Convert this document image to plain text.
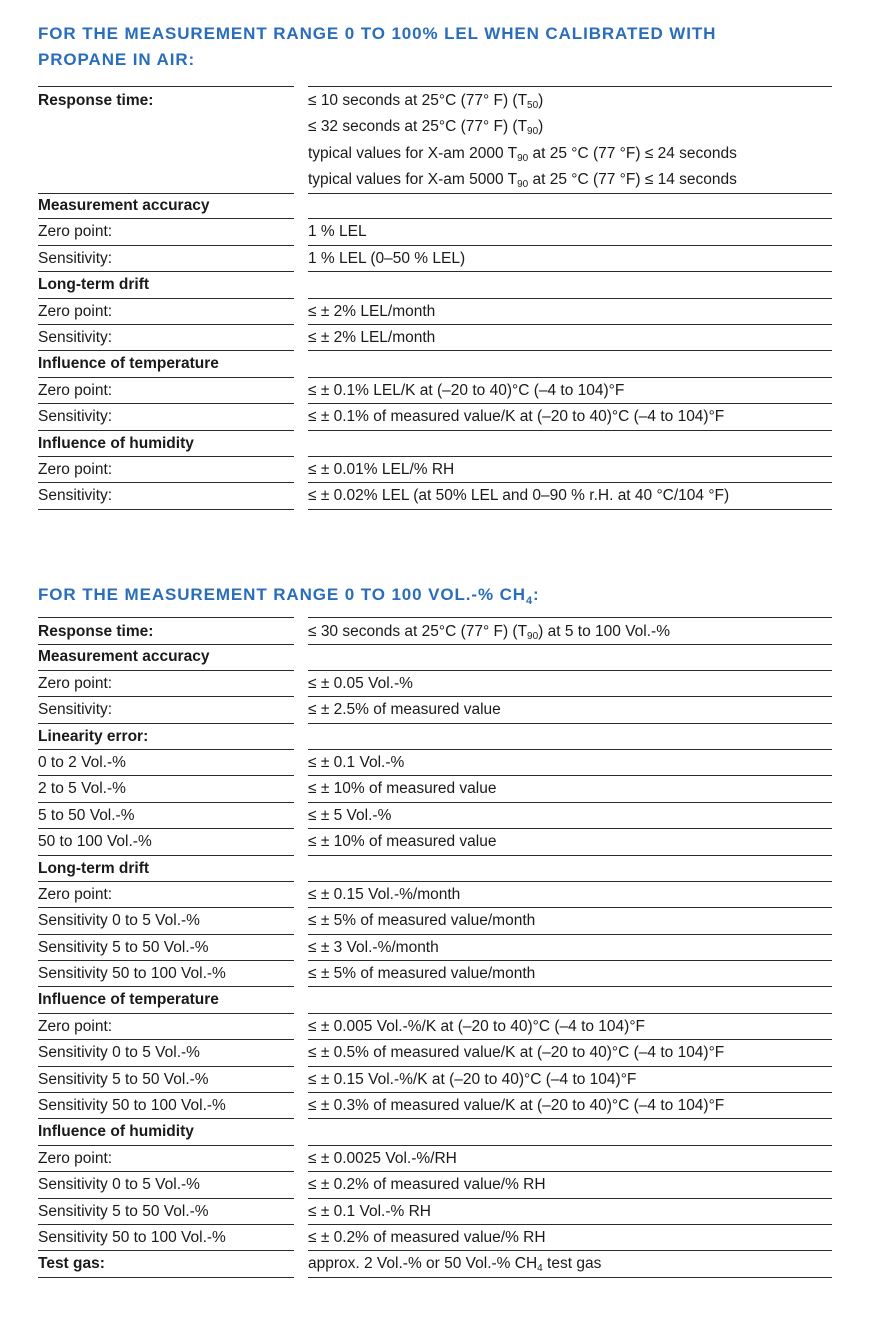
FOR THE MEASUREMENT RANGE 0 TO 100% LEL WHEN CALIBRATED WITH
PROPANE IN AIR:
Response time:	≤ 10 seconds at 25°C (77° F) $(T_{50})$
≤ 32 seconds at 25°C (77° F) $(T_{90})$
typical values for X-am 2000 $T_{90}$ at 25 °C (77 °F) ≤ 24 seconds
typical values for X-am 5000 $T_{90}$ at 25 °C (77 °F) ≤ 14 seconds
Measurement accuracy
Zero point:	1 % LEL
Sensitivity:	1 % LEL (0–50 % LEL)
Long-term drift
Zero point:	≤ ± 2% LEL/month
Sensitivity:	≤ ± 2% LEL/month
Influence of temperature
Zero point:	≤ ± 0.1% LEL/K at (–20 to 40)°C (–4 to 104)°F
Sensitivity:	≤ ± 0.1% of measured value/K at (–20 to 40)°C (–4 to 104)°F
Influence of humidity
Zero point:	≤ ± 0.01% LEL/% RH
Sensitivity:	≤ ± 0.02% LEL (at 50% LEL and 0–90 % r.H. at 40 °C/104 °F)
FOR THE MEASUREMENT RANGE 0 TO 100 VOL.-% $CH_4$:
Response time:	≤ 30 seconds at 25°C (77° F) $(T_{90})$ at 5 to 100 Vol.-%
Measurement accuracy
Zero point:	≤ ± 0.05 Vol.-%
Sensitivity:	≤ ± 2.5% of measured value
Linearity error:
0 to 2 Vol.-%	≤ ± 0.1 Vol.-%
2 to 5 Vol.-%	≤ ± 10% of measured value
5 to 50 Vol.-%	≤ ± 5 Vol.-%
50 to 100 Vol.-%	≤ ± 10% of measured value
Long-term drift
Zero point:	≤ ± 0.15 Vol.-%/month
Sensitivity 0 to 5 Vol.-%	≤ ± 5% of measured value/month
Sensitivity 5 to 50 Vol.-%	≤ ± 3 Vol.-%/month
Sensitivity 50 to 100 Vol.-%	≤ ± 5% of measured value/month
Influence of temperature
Zero point:	≤ ± 0.005 Vol.-%/K at (–20 to 40)°C (–4 to 104)°F
Sensitivity 0 to 5 Vol.-%	≤ ± 0.5% of measured value/K at (–20 to 40)°C (–4 to 104)°F
Sensitivity 5 to 50 Vol.-%	≤ ± 0.15 Vol.-%/K at (–20 to 40)°C (–4 to 104)°F
Sensitivity 50 to 100 Vol.-%	≤ ± 0.3% of measured value/K at (–20 to 40)°C (–4 to 104)°F
Influence of humidity
Zero point:	≤ ± 0.0025 Vol.-%/RH
Sensitivity 0 to 5 Vol.-%	≤ ± 0.2% of measured value/% RH
Sensitivity 5 to 50 Vol.-%	≤ ± 0.1 Vol.-% RH
Sensitivity 50 to 100 Vol.-%	≤ ± 0.2% of measured value/% RH
Test gas:	approx. 2 Vol.-% or 50 Vol.-% $CH_4$ test gas
